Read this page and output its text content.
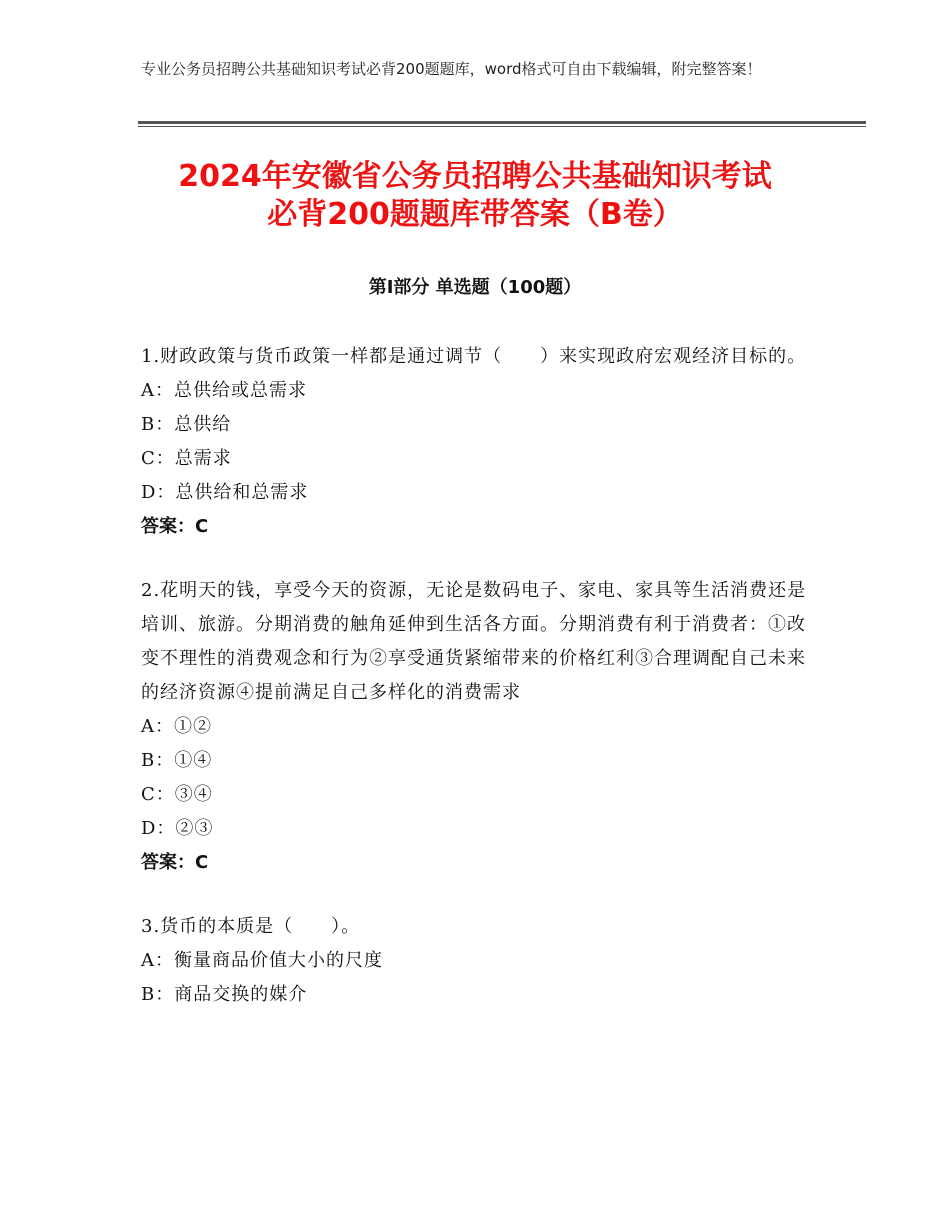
专业公务员招聘公共基础知识考试必背200题题库，word格式可自由下载编辑，附完整答案！
2024年安徽省公务员招聘公共基础知识考试
必背200题题库带答案（B卷）
第Ⅰ部分 单选题（100题）
1.财政政策与货币政策一样都是通过调节（　　）来实现政府宏观经济目标的。
A：总供给或总需求
B：总供给
C：总需求
D：总供给和总需求
答案：C
2.花明天的钱，享受今天的资源，无论是数码电子、家电、家具等生活消费还是培训、旅游。分期消费的触角延伸到生活各方面。分期消费有利于消费者：①改变不理性的消费观念和行为②享受通货紧缩带来的价格红利③合理调配自己未来的经济资源④提前满足自己多样化的消费需求
A：①②
B：①④
C：③④
D：②③
答案：C
3.货币的本质是（　　）。
A：衡量商品价值大小的尺度
B：商品交换的媒介
